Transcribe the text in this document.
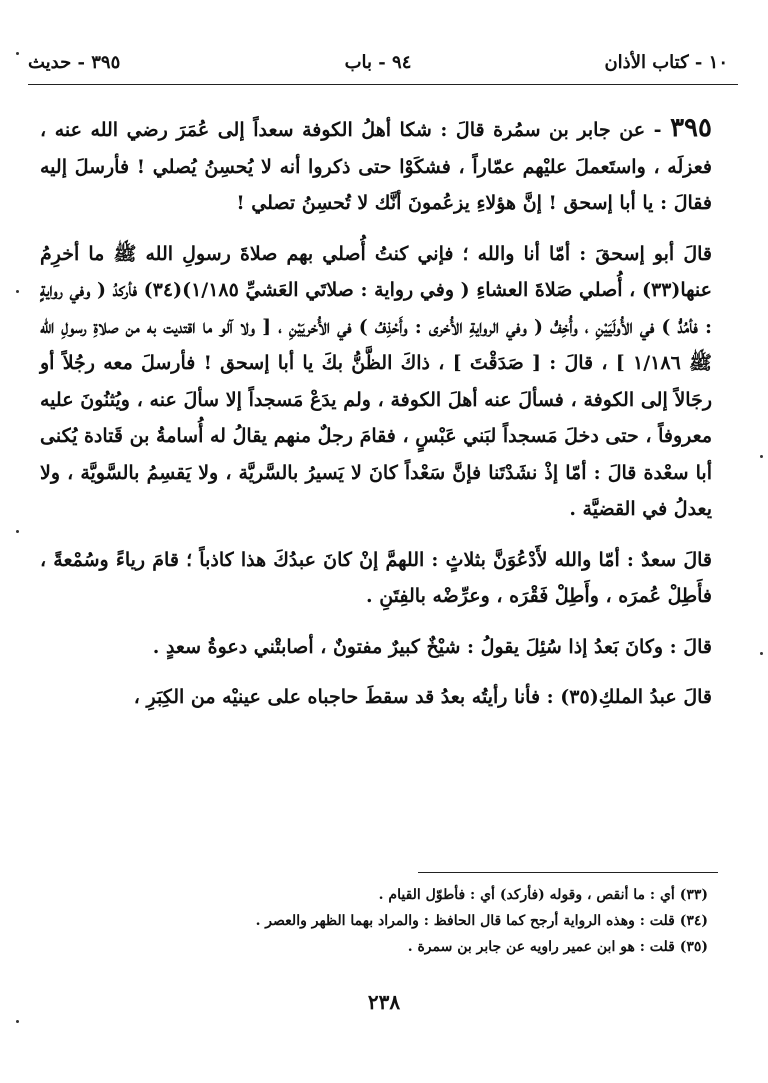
١٠ - كتاب الأذان
٩٤ - باب
٣٩٥ - حديث

٣٩٥ - عن جابر بن سمُرة قالَ : شكا أهلُ الكوفة سعداً إلى عُمَرَ رضي الله عنه ، فعزلَه ، واستَعملَ عليْهم عمّاراً ، فشكَوْا حتى ذكروا أنه لا يُحسِنُ يُصلي ! فأرسلَ إليه فقالَ : يا أبا إسحق ! إنَّ هؤلاءِ يزعُمونَ أنَّك لا تُحسِنُ تصلي !

قالَ أبو إسحقَ : أمّا أنا والله ؛ فإني كنتُ أُصلي بهم صلاةَ رسولِ الله ﷺ ما أخرِمُ عنها(٣٣) ، أُصلي صَلاةَ العشاءِ ( وفي رواية : صلاتَي العَشيِّ ١/١٨٥)(٣٤) فأركدُ ( وفي روايةٍ : فأمُدُّ ) في الأُولَيَيْنِ ، وأُخِفُّ ( وفي الروايةِ الأُخرى : وأَحْذِفُ ) في الأُخريَيْنِ ، [ ولا آلو ما اقتديت به من صلاةِ رسولِ الله ﷺ ١/١٨٦ ] ، قالَ : [ صَدَقْتَ ] ، ذاكَ الظَّنُّ بكَ يا أبا إسحق ! فأرسلَ معه رجُلاً أو رجَالاً إلى الكوفة ، فسألَ عنه أهلَ الكوفة ، ولم يدَعْ مَسجداً إلا سألَ عنه ، ويُثنُونَ عليه معروفاً ، حتى دخلَ مَسجداً لبَني عَبْسٍ ، فقامَ رجلٌ منهم يقالُ له أُسامةُ بن قَتادة يُكنى أبا سعْدة قالَ : أمّا إذْ نشَدْتَنا فإنَّ سَعْداً كانَ لا يَسيرُ بالسَّريَّة ، ولا يَقسِمُ بالسَّويَّة ، ولا يعدلُ في القضيَّة .

قالَ سعدٌ : أمّا والله لأَدْعُوَنَّ بثلاثٍ : اللهمَّ إنْ كانَ عبدُكَ هذا كاذباً ؛ قامَ رياءً وسُمْعةً ، فأَطِلْ عُمرَه ، وأَطِلْ فَقْرَه ، وعرِّضْه بالفِتَنِ .

قالَ : وكانَ بَعدُ إذا سُئِلَ يقولُ : شيْخٌ كبيرٌ مفتونٌ ، أصابتْني دعوةُ سعدٍ .

قالَ عبدُ الملكِ(٣٥) : فأنا رأيتُه بعدُ قد سقطَ حاجباه على عينيْه من الكِبَرِ ،

(٣٣) أي : ما أنقص ، وقوله (فأركد) أي : فأطوّل القيام .
(٣٤) قلت : وهذه الرواية أرجح كما قال الحافظ : والمراد بهما الظهر والعصر .
(٣٥) قلت : هو ابن عمير راويه عن جابر بن سمرة .
٢٣٨
